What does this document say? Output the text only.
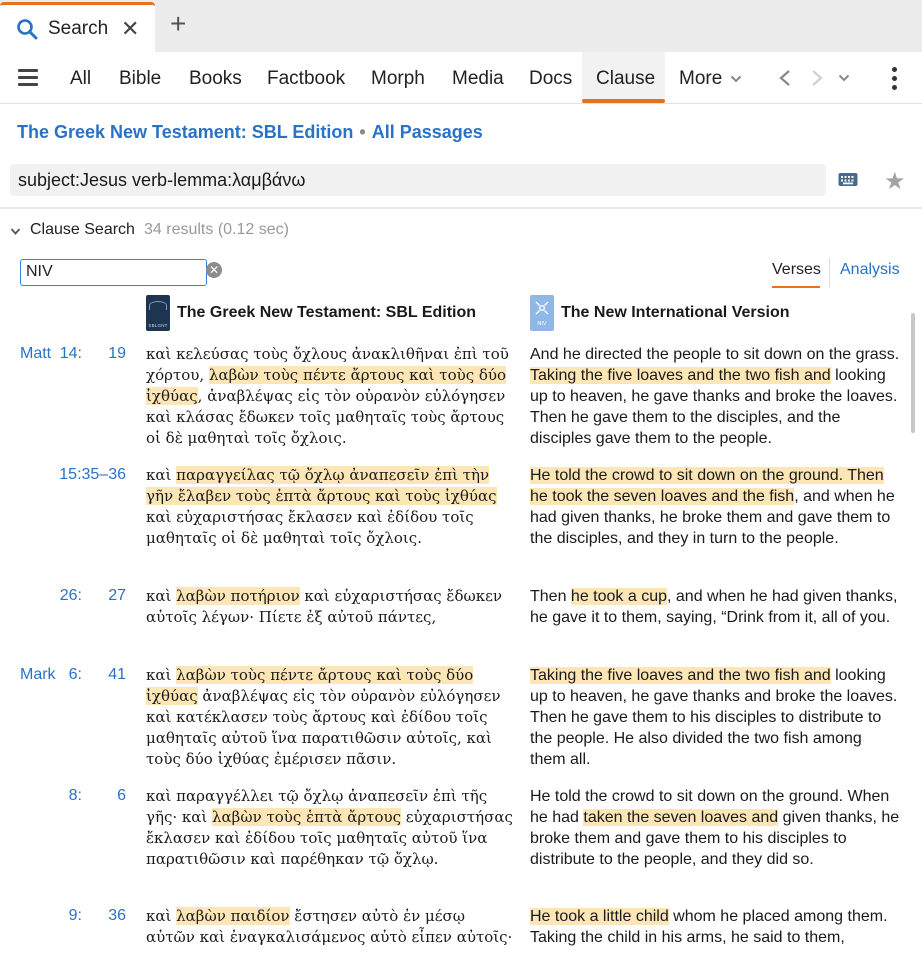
Search ✕ +
All Bible Books Factbook Morph Media Docs Clause More
The Greek New Testament: SBL Edition • All Passages
subject:Jesus verb-lemma:λαμβάνω	★
Clause Search 34 results (0.12 sec)
NIV	✕	Verses Analysis
SBLGNT
The Greek New Testament: SBL Edition
NIV
The New International Version
Matt 14:	19 καὶ κελεύσας τοὺς ὄχλους ἀνακλιθῆναι ἐπὶ τοῦ χόρτου, λαβὼν τοὺς πέντε ἄρτους καὶ τοὺς δύο ἰχθύας, ἀναβλέψας εἰς τὸν οὐρανὸν εὐλόγησεν καὶ κλάσας ἔδωκεν τοῖς μαθηταῖς τοὺς ἄρτους οἱ δὲ μαθηταὶ τοῖς ὄχλοις.
And he directed the people to sit down on the grass. Taking the five loaves and the two fish and looking up to heaven, he gave thanks and broke the loaves. Then he gave them to the disciples, and the disciples gave them to the people.
15:35–36 καὶ παραγγείλας τῷ ὄχλῳ ἀναπεσεῖν ἐπὶ τὴν γῆν ἔλαβεν τοὺς ἑπτὰ ἄρτους καὶ τοὺς ἰχθύας καὶ εὐχαριστήσας ἔκλασεν καὶ ἐδίδου τοῖς μαθηταῖς οἱ δὲ μαθηταὶ τοῖς ὄχλοις.
He told the crowd to sit down on the ground. Then he took the seven loaves and the fish, and when he had given thanks, he broke them and gave them to the disciples, and they in turn to the people.
26:	27 καὶ λαβὼν ποτήριον καὶ εὐχαριστήσας ἔδωκεν αὐτοῖς λέγων· Πίετε ἐξ αὐτοῦ πάντες,
Then he took a cup, and when he had given thanks, he gave it to them, saying, “Drink from it, all of you.
Mark 6:	41 καὶ λαβὼν τοὺς πέντε ἄρτους καὶ τοὺς δύο ἰχθύας ἀναβλέψας εἰς τὸν οὐρανὸν εὐλόγησεν καὶ κατέκλασεν τοὺς ἄρτους καὶ ἐδίδου τοῖς μαθηταῖς αὐτοῦ ἵνα παρατιθῶσιν αὐτοῖς, καὶ τοὺς δύο ἰχθύας ἐμέρισεν πᾶσιν.
Taking the five loaves and the two fish and looking up to heaven, he gave thanks and broke the loaves. Then he gave them to his disciples to distribute to the people. He also divided the two fish among them all.
8:	6 καὶ παραγγέλλει τῷ ὄχλῳ ἀναπεσεῖν ἐπὶ τῆς γῆς· καὶ λαβὼν τοὺς ἑπτὰ ἄρτους εὐχαριστήσας ἔκλασεν καὶ ἐδίδου τοῖς μαθηταῖς αὐτοῦ ἵνα παρατιθῶσιν καὶ παρέθηκαν τῷ ὄχλῳ.
He told the crowd to sit down on the ground. When he had taken the seven loaves and given thanks, he broke them and gave them to his disciples to distribute to the people, and they did so.
9:	36 καὶ λαβὼν παιδίον ἔστησεν αὐτὸ ἐν μέσῳ αὐτῶν καὶ ἐναγκαλισάμενος αὐτὸ εἶπεν αὐτοῖς·
He took a little child whom he placed among them. Taking the child in his arms, he said to them,
